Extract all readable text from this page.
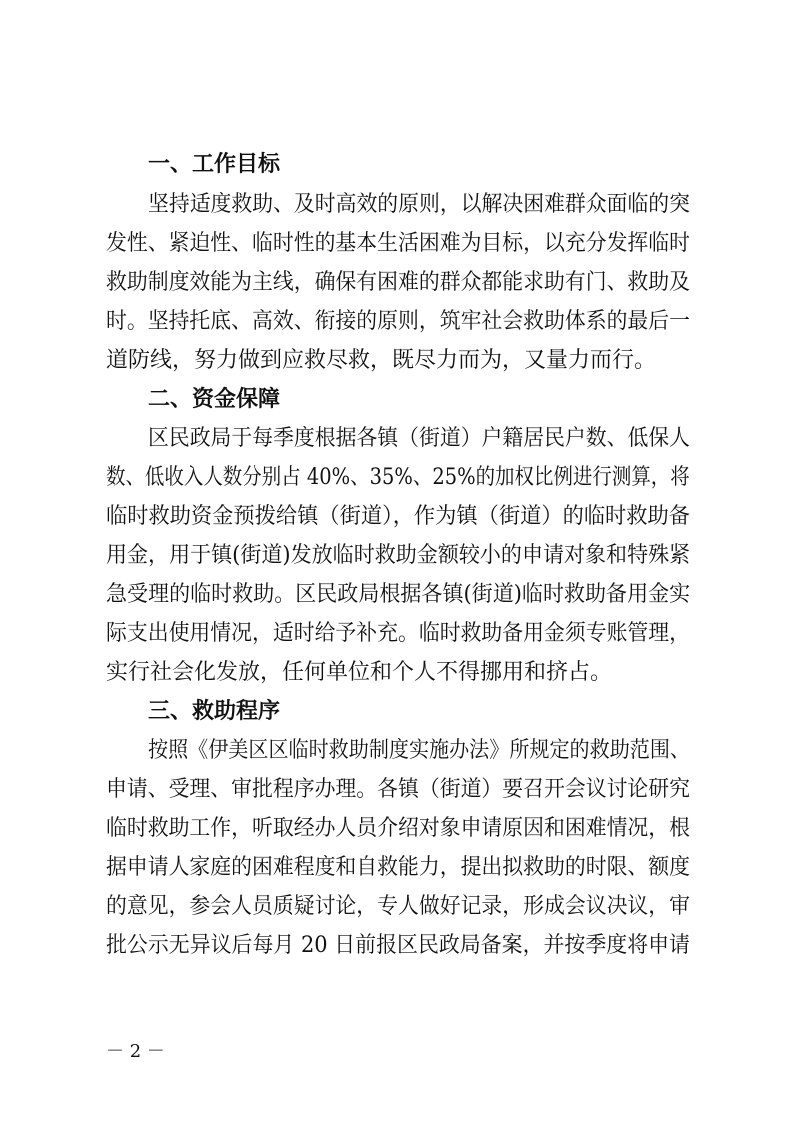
一、工作目标
坚持适度救助、及时高效的原则，以解决困难群众面临的突
发性、紧迫性、临时性的基本生活困难为目标，以充分发挥临时
救助制度效能为主线，确保有困难的群众都能求助有门、救助及
时。坚持托底、高效、衔接的原则，筑牢社会救助体系的最后一
道防线，努力做到应救尽救，既尽力而为，又量力而行。
二、资金保障
区民政局于每季度根据各镇（街道）户籍居民户数、低保人
数、低收入人数分别占 40%、35%、25%的加权比例进行测算，将
临时救助资金预拨给镇（街道），作为镇（街道）的临时救助备
用金，用于镇(街道)发放临时救助金额较小的申请对象和特殊紧
急受理的临时救助。区民政局根据各镇(街道)临时救助备用金实
际支出使用情况，适时给予补充。临时救助备用金须专账管理，
实行社会化发放，任何单位和个人不得挪用和挤占。
三、救助程序
按照《伊美区区临时救助制度实施办法》所规定的救助范围、
申请、受理、审批程序办理。各镇（街道）要召开会议讨论研究
临时救助工作，听取经办人员介绍对象申请原因和困难情况，根
据申请人家庭的困难程度和自救能力，提出拟救助的时限、额度
的意见，参会人员质疑讨论，专人做好记录，形成会议决议，审
批公示无异议后每月 20 日前报区民政局备案，并按季度将申请
－ 2 －
